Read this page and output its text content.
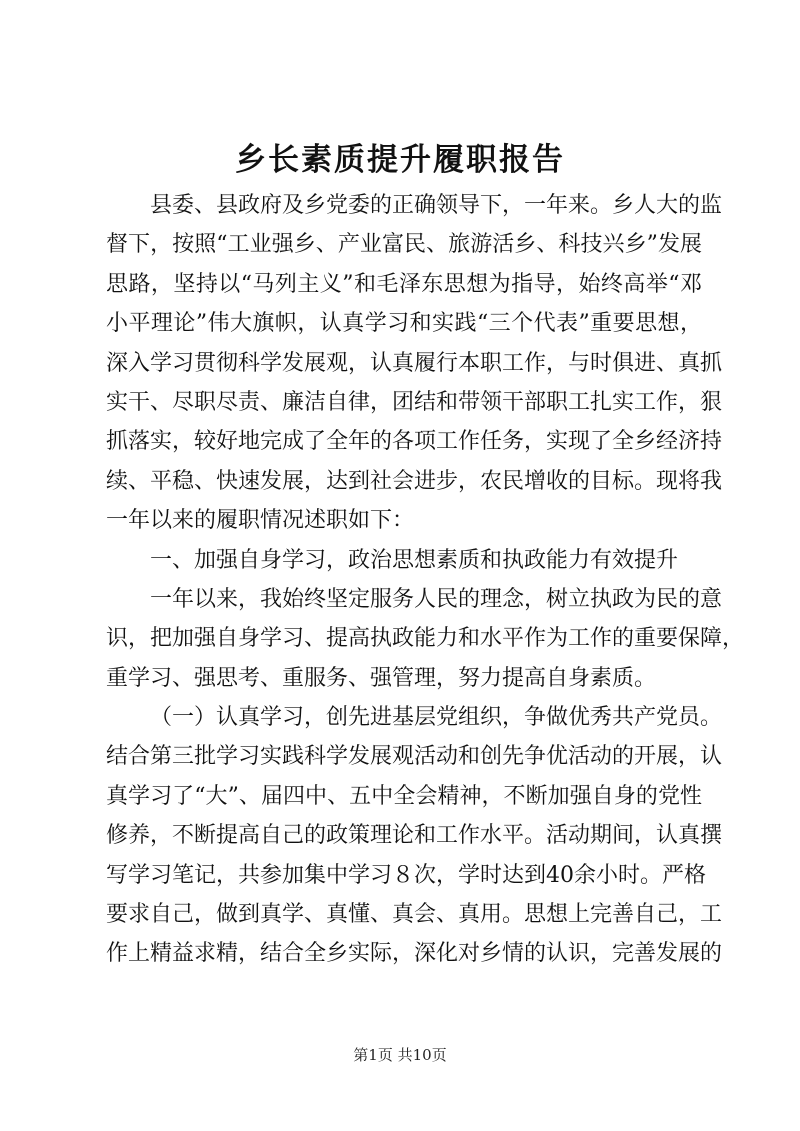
乡长素质提升履职报告
县委、县政府及乡党委的正确领导下，一年来。乡人大的监
督下，按照“工业强乡、产业富民、旅游活乡、科技兴乡”发展
思路，坚持以“马列主义”和毛泽东思想为指导，始终高举“邓
小平理论”伟大旗帜，认真学习和实践“三个代表”重要思想，
深入学习贯彻科学发展观，认真履行本职工作，与时俱进、真抓
实干、尽职尽责、廉洁自律，团结和带领干部职工扎实工作，狠
抓落实，较好地完成了全年的各项工作任务，实现了全乡经济持
续、平稳、快速发展，达到社会进步，农民增收的目标。现将我
一年以来的履职情况述职如下：
一、加强自身学习，政治思想素质和执政能力有效提升
一年以来，我始终坚定服务人民的理念，树立执政为民的意
识，把加强自身学习、提高执政能力和水平作为工作的重要保障，
重学习、强思考、重服务、强管理，努力提高自身素质。
（一）认真学习，创先进基层党组织，争做优秀共产党员。
结合第三批学习实践科学发展观活动和创先争优活动的开展，认
真学习了“大”、届四中、五中全会精神，不断加强自身的党性
修养，不断提高自己的政策理论和工作水平。活动期间，认真撰
写学习笔记，共参加集中学习８次，学时达到40余小时。严格
要求自己，做到真学、真懂、真会、真用。思想上完善自己，工
作上精益求精，结合全乡实际，深化对乡情的认识，完善发展的
第1页 共10页
